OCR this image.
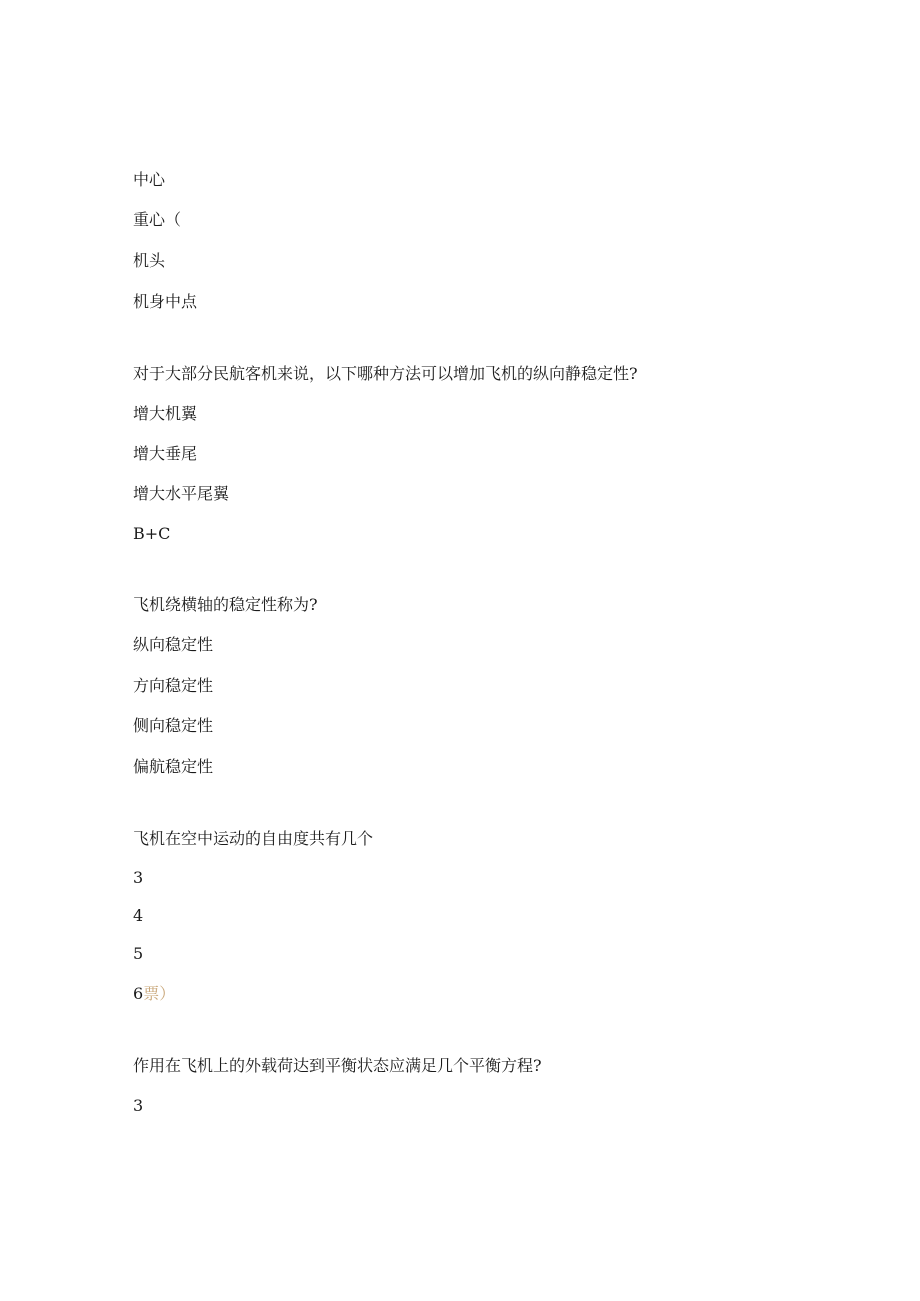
中心
重心（
机头
机身中点
对于大部分民航客机来说，以下哪种方法可以增加飞机的纵向静稳定性?
增大机翼
增大垂尾
增大水平尾翼
B+C
飞机绕横轴的稳定性称为?
纵向稳定性
方向稳定性
侧向稳定性
偏航稳定性
飞机在空中运动的自由度共有几个
3
4
5
6票）
作用在飞机上的外载荷达到平衡状态应满足几个平衡方程?
3
